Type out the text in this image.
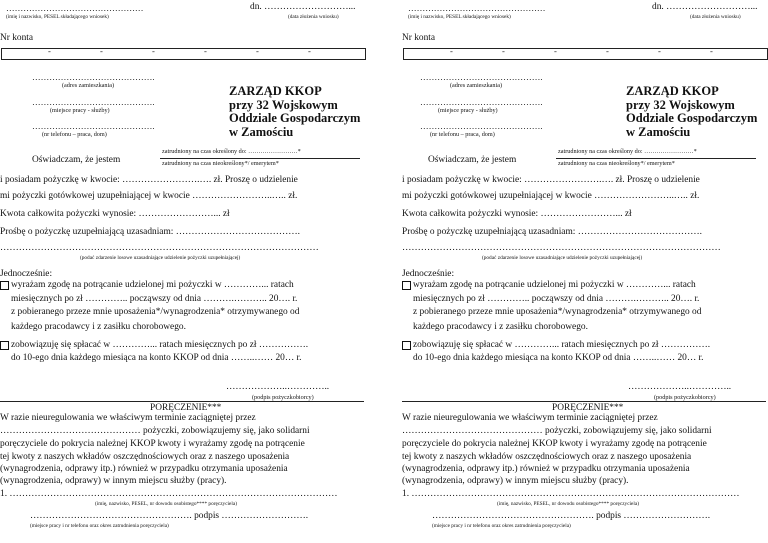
…………………………………………
(imię i nazwisko, PESEL składającego wniosek)
dn. ………………………...
(data złożenia wniosku)
Nr konta
-	-	-	-	-	-
…………………………………….
(adres zamieszkania)
…………………………………….
(miejsce pracy - służby)
…………………………………….
(nr telefonu – praca, dom)
ZARZĄD KKOP
przy 32 Wojskowym
Oddziale Gospodarczym
w Zamościu
Oświadczam, że jestem
zatrudniony na czas określony do: ……………………*
zatrudniony na czas nieokreślony*/ emerytem*
i posiadam pożyczkę w kwocie: …………………….…. zł. Proszę o udzielenie
mi pożyczki gotówkowej uzupełniającej w kwocie ……………………..….. zł.
Kwota całkowita pożyczki wynosie: ……………………... zł
Prośbę o pożyczkę uzupełniającą uzasadniam: ………………………………….
…………………………………………………………………………………………
(podać zdarzenie losowe uzasadniające udzielenie pożyczki uzupełniającej)
Jednocześnie:
wyrażam zgodę na potrącanie udzielonej mi pożyczki w …………... ratach
miesięcznych po zł ………….. począwszy od dnia ……….……….. 20…. r.
z pobieranego przeze mnie uposażenia*/wynagrodzenia* otrzymywanego od
każdego pracodawcy i z zasiłku chorobowego.
zobowiązuję się spłacać w …………... ratach miesięcznych po zł …………….
do 10-ego dnia każdego miesiąca na konto KKOP od dnia ……..…… 20… r.
………………..…………..
(podpis pożyczkobiorcy)
PORĘCZENIE***
W razie nieuregulowania we właściwym terminie zaciągniętej przez
……………………………………… pożyczki, zobowiązujemy się, jako solidarni
poręczyciele do pokrycia należnej KKOP kwoty i wyrażamy zgodę na potrącenie
tej kwoty z naszych wkładów oszczędnościowych oraz z naszego uposażenia
(wynagrodzenia, odprawy itp.) również w przypadku otrzymania uposażenia
(wynagrodzenia, odprawy) w innym miejscu służby (pracy).
1. ……………………………………………………………………………………………
(imię, nazwisko, PESEL, nr dowodu osobistego**** poręczyciela)
……………………………………………. podpis ……………………….
(miejsce pracy i nr telefonu oraz okres zatrudnienia poręczyciela)
…………………………………………
(imię i nazwisko, PESEL składającego wniosek)
dn. ………………………...
(data złożenia wniosku)
Nr konta
-	-	-	-	-	-
…………………………………….
(adres zamieszkania)
…………………………………….
(miejsce pracy - służby)
…………………………………….
(nr telefonu – praca, dom)
ZARZĄD KKOP
przy 32 Wojskowym
Oddziale Gospodarczym
w Zamościu
Oświadczam, że jestem
zatrudniony na czas określony do: ……………………*
zatrudniony na czas nieokreślony*/ emerytem*
i posiadam pożyczkę w kwocie: …………………….…. zł. Proszę o udzielenie
mi pożyczki gotówkowej uzupełniającej w kwocie ……………………..….. zł.
Kwota całkowita pożyczki wynosie: ……………………... zł
Prośbę o pożyczkę uzupełniającą uzasadniam: ………………………………….
…………………………………………………………………………………………
(podać zdarzenie losowe uzasadniające udzielenie pożyczki uzupełniającej)
Jednocześnie:
wyrażam zgodę na potrącanie udzielonej mi pożyczki w …………... ratach
miesięcznych po zł ………….. począwszy od dnia ……….……….. 20…. r.
z pobieranego przeze mnie uposażenia*/wynagrodzenia* otrzymywanego od
każdego pracodawcy i z zasiłku chorobowego.
zobowiązuję się spłacać w …………... ratach miesięcznych po zł …………….
do 10-ego dnia każdego miesiąca na konto KKOP od dnia ……..…… 20… r.
………………..…………..
(podpis pożyczkobiorcy)
PORĘCZENIE***
W razie nieuregulowania we właściwym terminie zaciągniętej przez
……………………………………… pożyczki, zobowiązujemy się, jako solidarni
poręczyciele do pokrycia należnej KKOP kwoty i wyrażamy zgodę na potrącenie
tej kwoty z naszych wkładów oszczędnościowych oraz z naszego uposażenia
(wynagrodzenia, odprawy itp.) również w przypadku otrzymania uposażenia
(wynagrodzenia, odprawy) w innym miejscu służby (pracy).
1. ……………………………………………………………………………………………
(imię, nazwisko, PESEL, nr dowodu osobistego**** poręczyciela)
……………………………………………. podpis ……………………….
(miejsce pracy i nr telefonu oraz okres zatrudnienia poręczyciela)
